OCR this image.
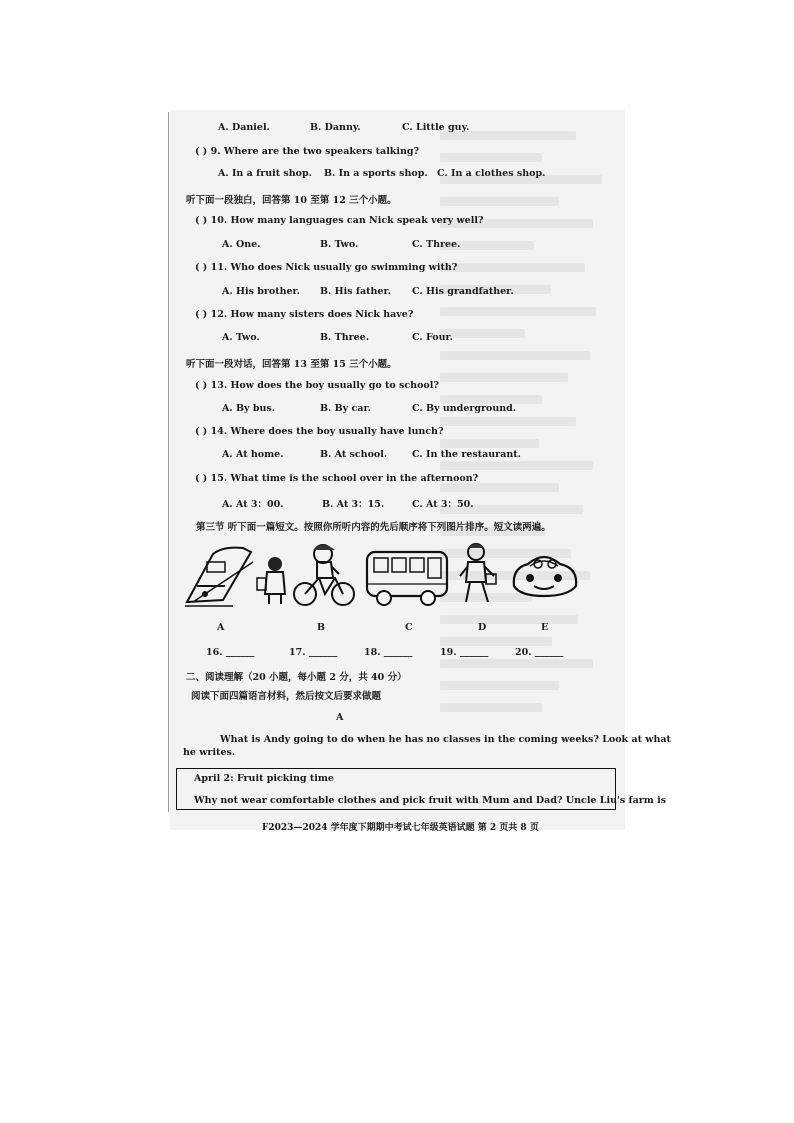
A. Daniel.	B. Danny.	C. Little guy.
( ) 9. Where are the two speakers talking?
A. In a fruit shop. B. In a sports shop. C. In a clothes shop.
听下面一段独白，回答第 10 至第 12 三个小题。
( ) 10. How many languages can Nick speak very well?
A. One.	B. Two.	C. Three.
( ) 11. Who does Nick usually go swimming with?
A. His brother. B. His father. C. His grandfather.
( ) 12. How many sisters does Nick have?
A. Two.	B. Three.	C. Four.
听下面一段对话，回答第 13 至第 15 三个小题。
( ) 13. How does the boy usually go to school?
A. By bus.	B. By car.	C. By underground.
( ) 14. Where does the boy usually have lunch?
A. At home.	B. At school.	C. In the restaurant.
( ) 15. What time is the school over in the afternoon?
A. At 3：00.	B. At 3：15.	C. At 3：50.
第三节 听下面一篇短文。按照你所听内容的先后顺序将下列图片排序。短文读两遍。
A	B	C	D	E
16. ______	17. ______	18. ______	19. ______	20. ______
二、阅读理解（20 小题，每小题 2 分，共 40 分）
阅读下面四篇语言材料，然后按文后要求做题
A
What is Andy going to do when he has no classes in the coming weeks? Look at what
he writes.
April 2: Fruit picking time
Why not wear comfortable clothes and pick fruit with Mum and Dad? Uncle Liu's farm is
F2023—2024 学年度下期期中考试七年级英语试题 第 2 页共 8 页
